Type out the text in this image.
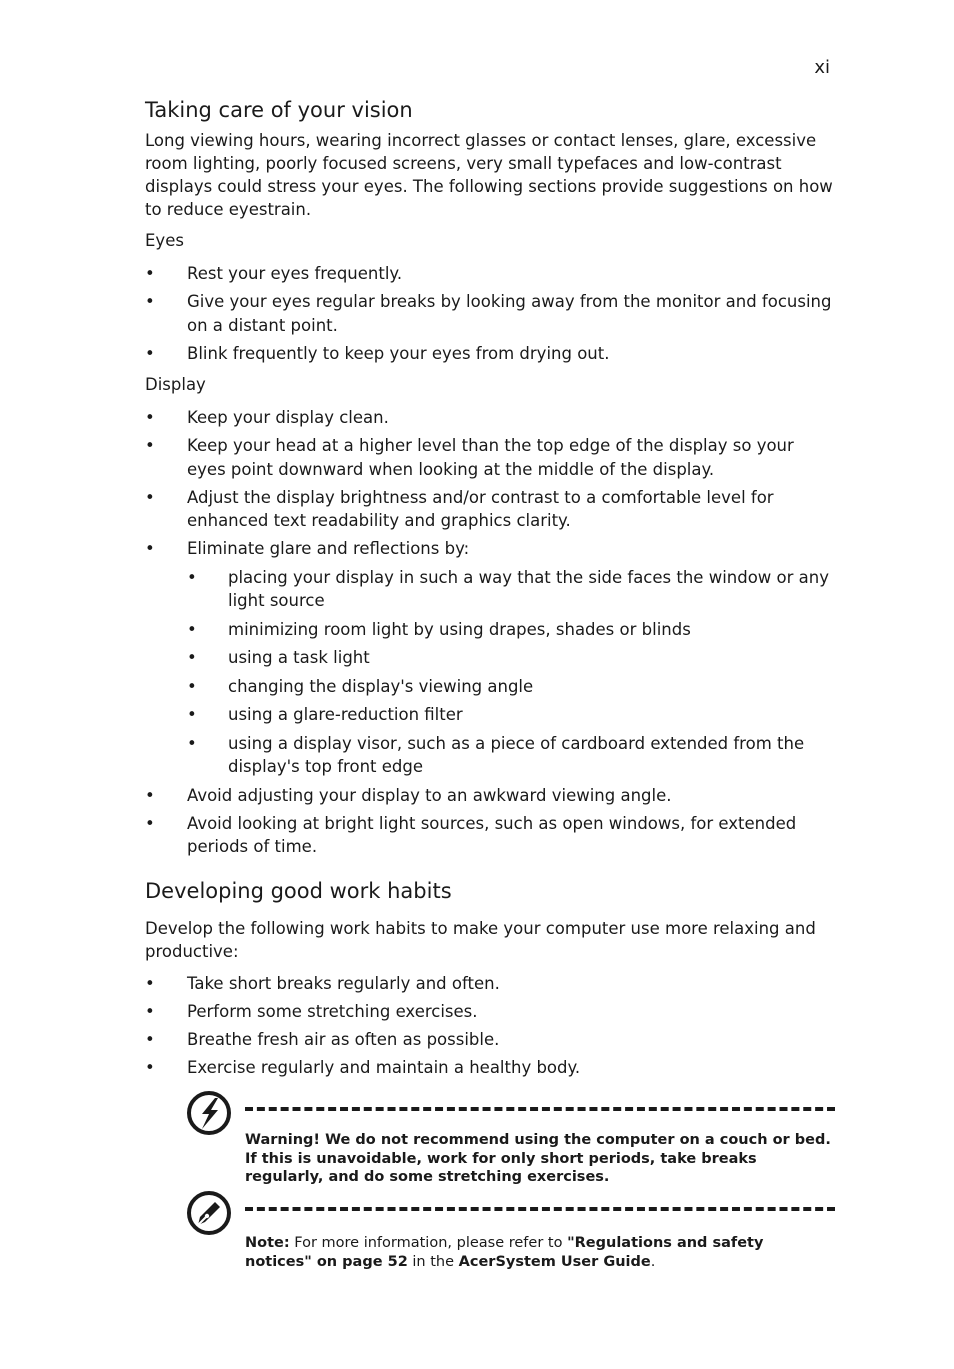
xi
Taking care of your vision

Long viewing hours, wearing incorrect glasses or contact lenses, glare, excessive room lighting, poorly focused screens, very small typefaces and low-contrast displays could stress your eyes. The following sections provide suggestions on how to reduce eyestrain.

Eyes

• Rest your eyes frequently.
• Give your eyes regular breaks by looking away from the monitor and focusing on a distant point.
• Blink frequently to keep your eyes from drying out.

Display

• Keep your display clean.
• Keep your head at a higher level than the top edge of the display so your eyes point downward when looking at the middle of the display.
• Adjust the display brightness and/or contrast to a comfortable level for enhanced text readability and graphics clarity.
• Eliminate glare and reflections by:
• placing your display in such a way that the side faces the window or any light source
• minimizing room light by using drapes, shades or blinds
• using a task light
• changing the display's viewing angle
• using a glare-reduction filter
• using a display visor, such as a piece of cardboard extended from the display's top front edge
• Avoid adjusting your display to an awkward viewing angle.
• Avoid looking at bright light sources, such as open windows, for extended periods of time.
Developing good work habits

Develop the following work habits to make your computer use more relaxing and productive:

• Take short breaks regularly and often.
• Perform some stretching exercises.
• Breathe fresh air as often as possible.
• Exercise regularly and maintain a healthy body.
Warning! We do not recommend using the computer on a couch or bed. If this is unavoidable, work for only short periods, take breaks regularly, and do some stretching exercises.
Note: For more information, please refer to "Regulations and safety notices" on page 52 in the AcerSystem User Guide.
